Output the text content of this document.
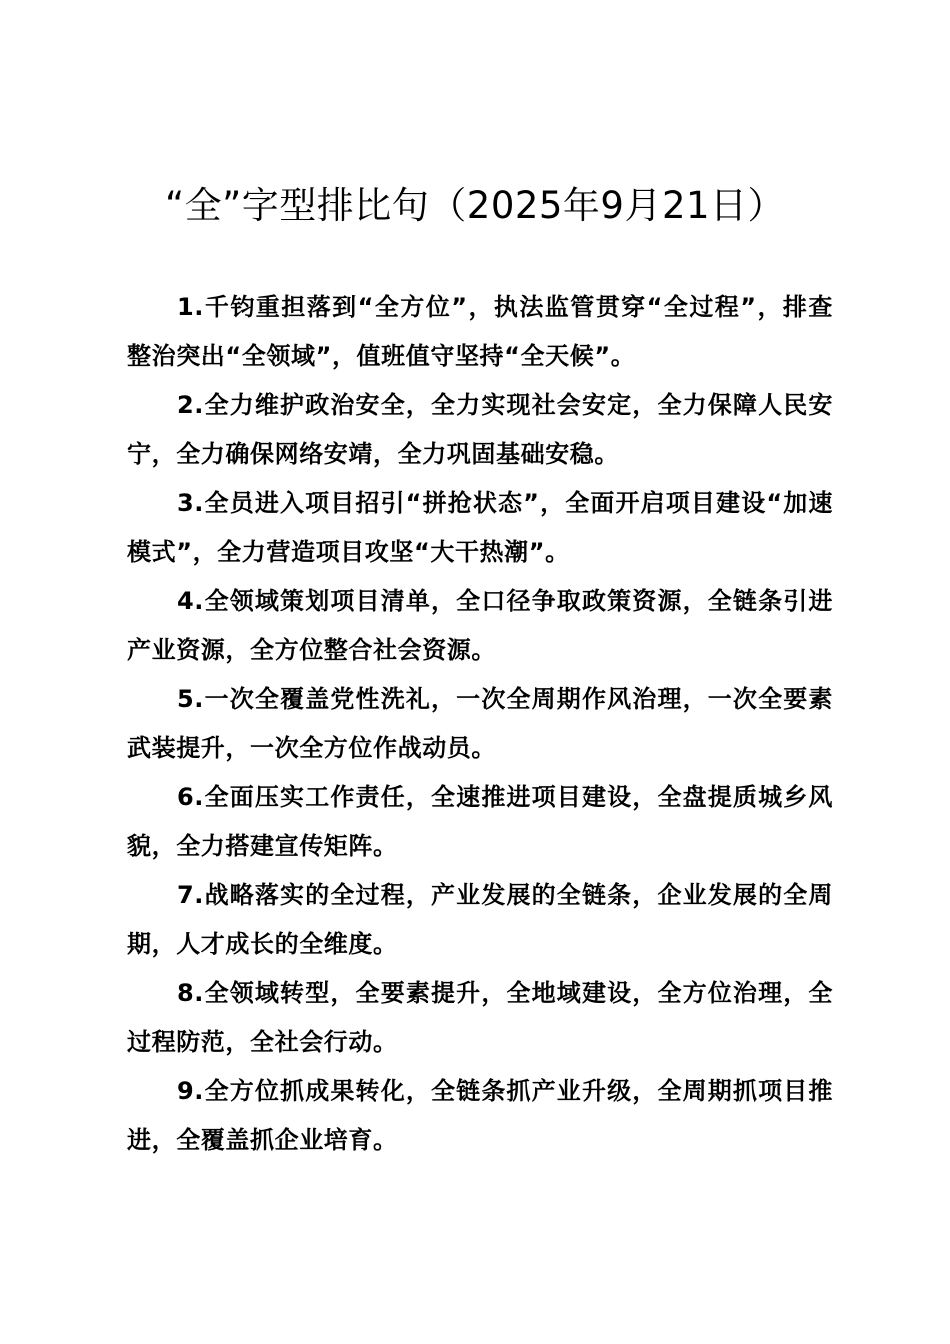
“全”字型排比句（2025年9月21日）

1.千钧重担落到“全方位”，执法监管贯穿“全过程”，排查整治突出“全领域”，值班值守坚持“全天候”。

2.全力维护政治安全，全力实现社会安定，全力保障人民安宁，全力确保网络安靖，全力巩固基础安稳。

3.全员进入项目招引“拼抢状态”，全面开启项目建设“加速模式”，全力营造项目攻坚“大干热潮”。

4.全领域策划项目清单，全口径争取政策资源，全链条引进产业资源，全方位整合社会资源。

5.一次全覆盖党性洗礼，一次全周期作风治理，一次全要素武装提升，一次全方位作战动员。

6.全面压实工作责任，全速推进项目建设，全盘提质城乡风貌，全力搭建宣传矩阵。

7.战略落实的全过程，产业发展的全链条，企业发展的全周期，人才成长的全维度。

8.全领域转型，全要素提升，全地域建设，全方位治理，全过程防范，全社会行动。

9.全方位抓成果转化，全链条抓产业升级，全周期抓项目推进，全覆盖抓企业培育。
